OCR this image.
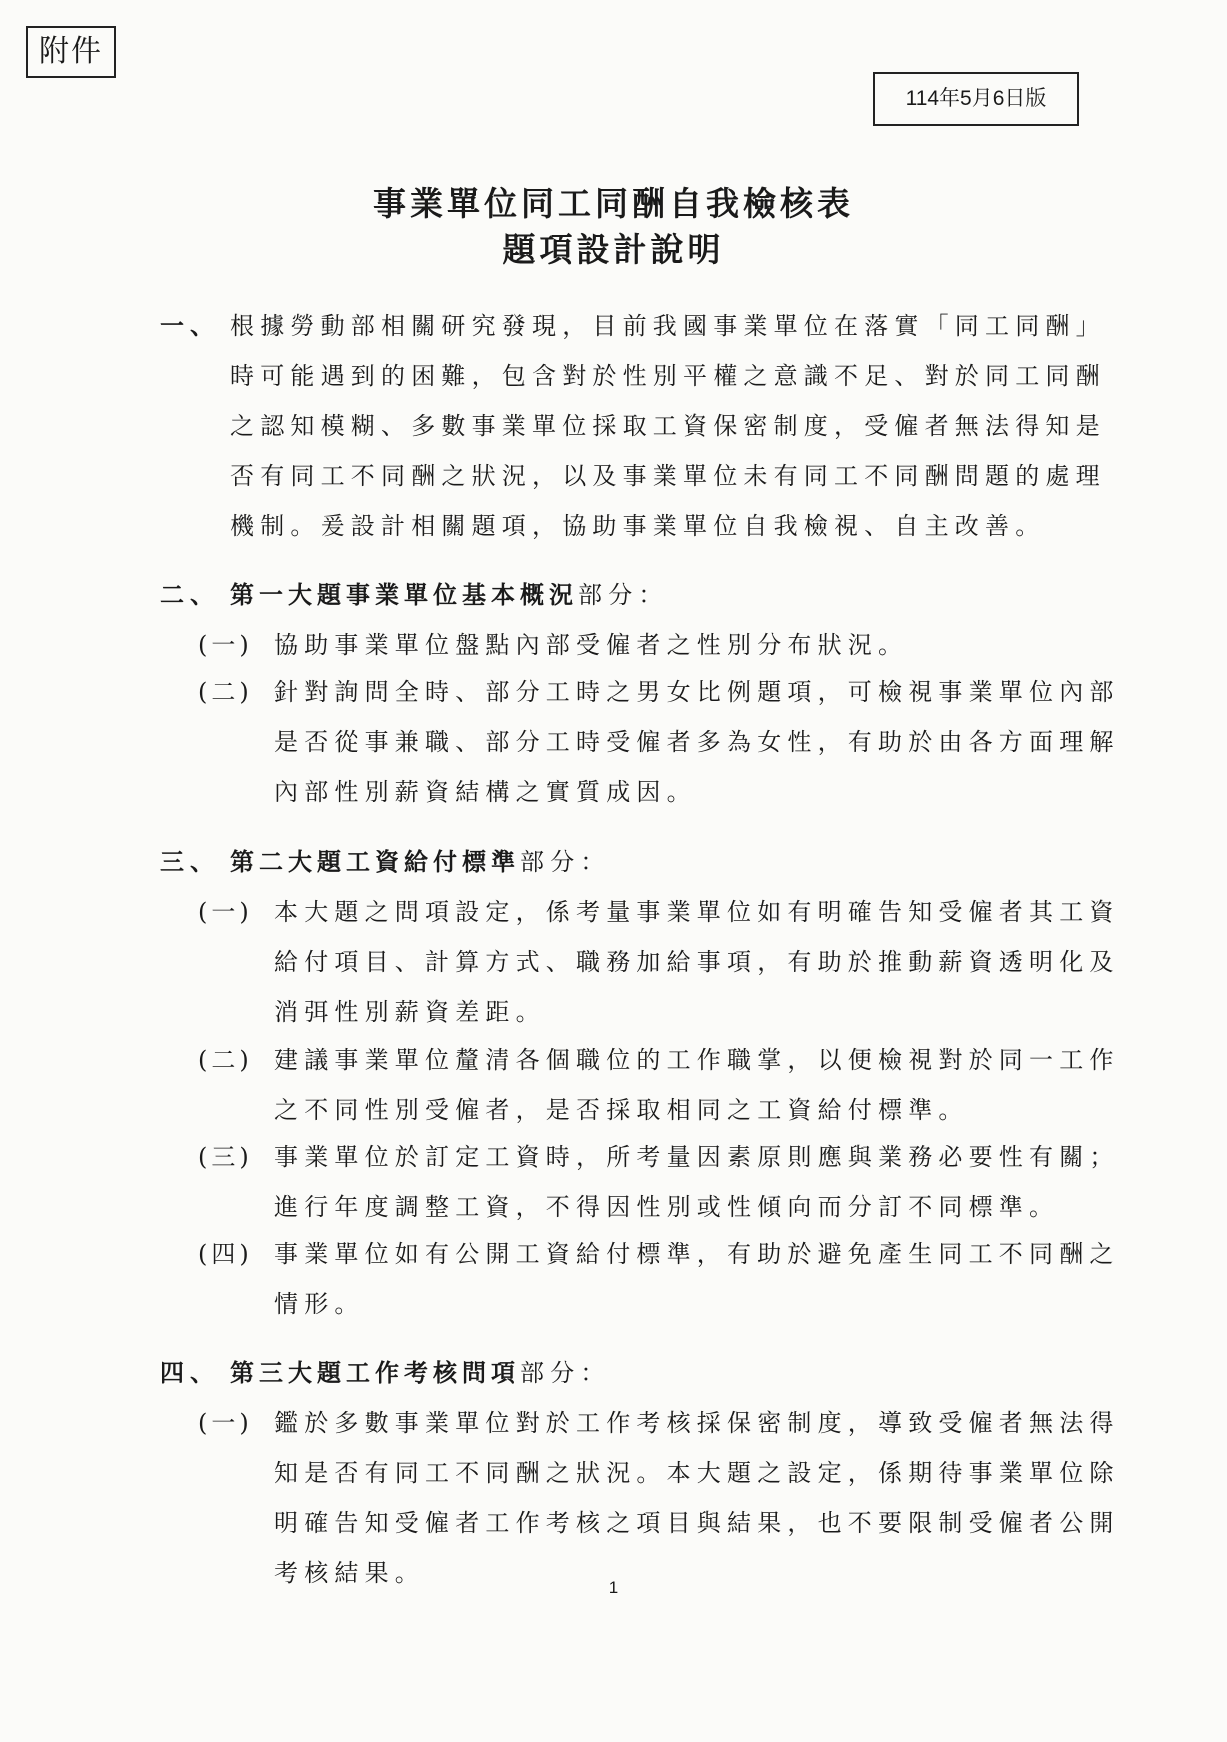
附件
114年5月6日版
事業單位同工同酬自我檢核表
題項設計說明
一、 根據勞動部相關研究發現，目前我國事業單位在落實「同工同酬」
時可能遇到的困難，包含對於性別平權之意識不足、對於同工同酬
之認知模糊、多數事業單位採取工資保密制度，受僱者無法得知是
否有同工不同酬之狀況，以及事業單位未有同工不同酬問題的處理
機制。爰設計相關題項，協助事業單位自我檢視、自主改善。
二、 第一大題事業單位基本概況部分：
(一) 協助事業單位盤點內部受僱者之性別分布狀況。
(二) 針對詢問全時、部分工時之男女比例題項，可檢視事業單位內部
是否從事兼職、部分工時受僱者多為女性，有助於由各方面理解
內部性別薪資結構之實質成因。
三、 第二大題工資給付標準部分：
(一) 本大題之問項設定，係考量事業單位如有明確告知受僱者其工資
給付項目、計算方式、職務加給事項，有助於推動薪資透明化及
消弭性別薪資差距。
(二) 建議事業單位釐清各個職位的工作職掌，以便檢視對於同一工作
之不同性別受僱者，是否採取相同之工資給付標準。
(三) 事業單位於訂定工資時，所考量因素原則應與業務必要性有關；
進行年度調整工資，不得因性別或性傾向而分訂不同標準。
(四) 事業單位如有公開工資給付標準，有助於避免產生同工不同酬之
情形。
四、 第三大題工作考核問項部分：
(一) 鑑於多數事業單位對於工作考核採保密制度，導致受僱者無法得
知是否有同工不同酬之狀況。本大題之設定，係期待事業單位除
明確告知受僱者工作考核之項目與結果，也不要限制受僱者公開
考核結果。
1
